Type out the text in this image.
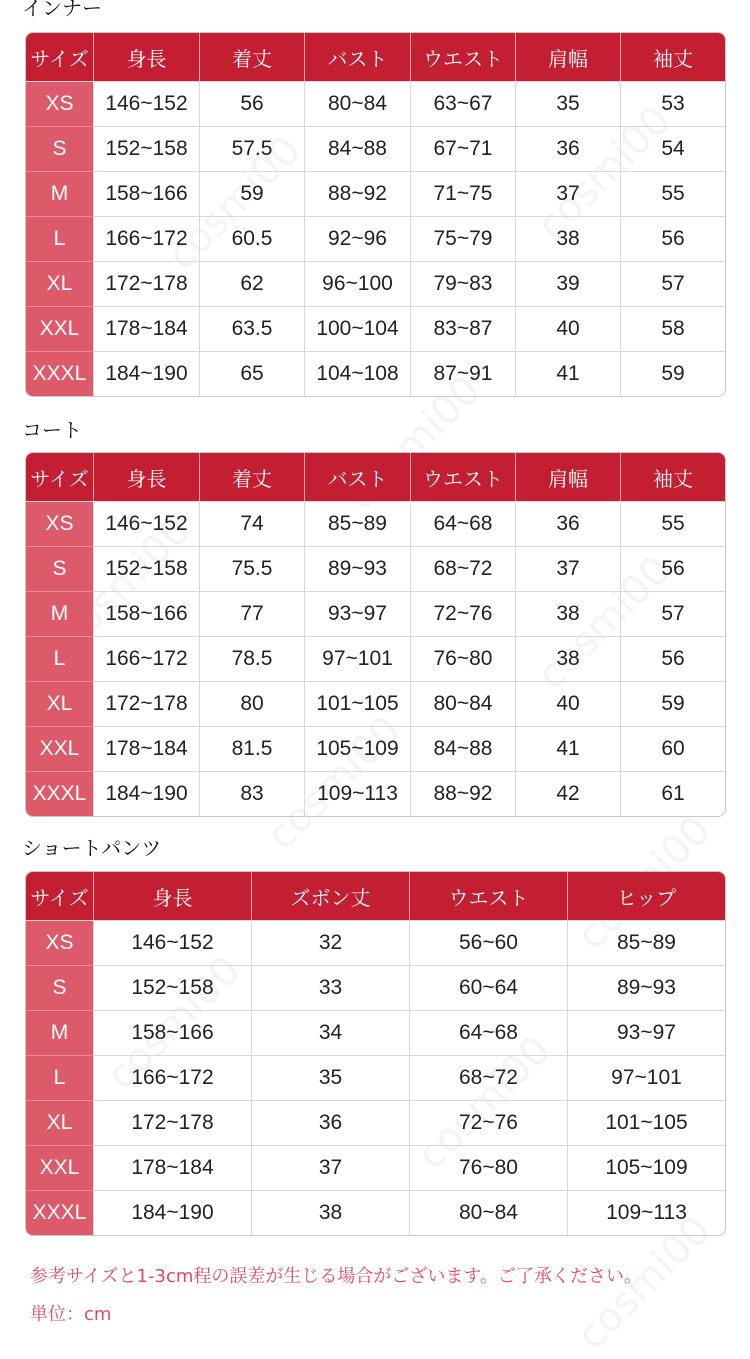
インナー
サイズ	身長	着丈	バスト	ウエスト	肩幅	袖丈
XS	146~152	56	80~84	63~67	35	53
S	152~158	57.5	84~88	67~71	36	54
M	158~166	59	88~92	71~75	37	55
L	166~172	60.5	92~96	75~79	38	56
XL	172~178	62	96~100	79~83	39	57
XXL	178~184	63.5	100~104	83~87	40	58
XXXL	184~190	65	104~108	87~91	41	59
コート
サイズ	身長	着丈	バスト	ウエスト	肩幅	袖丈
XS	146~152	74	85~89	64~68	36	55
S	152~158	75.5	89~93	68~72	37	56
M	158~166	77	93~97	72~76	38	57
L	166~172	78.5	97~101	76~80	38	56
XL	172~178	80	101~105	80~84	40	59
XXL	178~184	81.5	105~109	84~88	41	60
XXXL	184~190	83	109~113	88~92	42	61
ショートパンツ
サイズ	身長	ズボン丈	ウエスト	ヒップ
XS	146~152	32	56~60	85~89
S	152~158	33	60~64	89~93
M	158~166	34	64~68	93~97
L	166~172	35	68~72	97~101
XL	172~178	36	72~76	101~105
XXL	178~184	37	76~80	105~109
XXXL	184~190	38	80~84	109~113
参考サイズと1-3cm程の誤差が生じる場合がございます。ご了承ください。
単位：cm
